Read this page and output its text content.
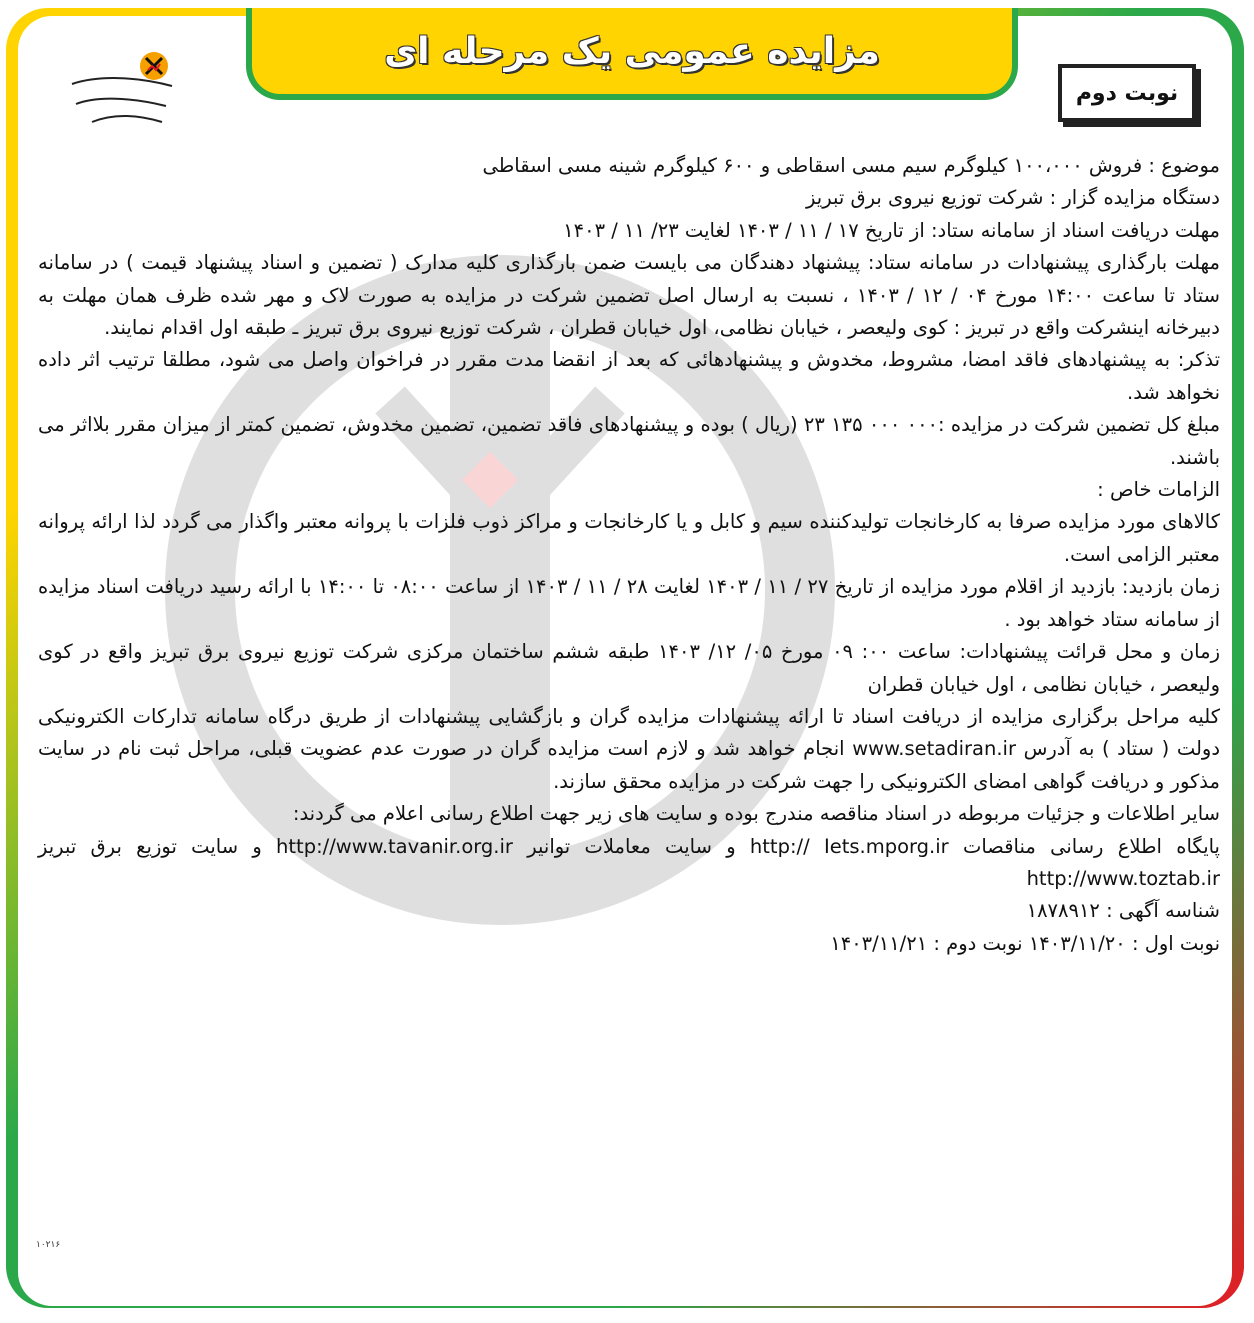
مزایده عمومی یک مرحله ای
نوبت دوم

موضوع : فروش ۱۰۰،۰۰۰ کیلوگرم سیم مسی اسقاطی و ۶۰۰ کیلوگرم شینه مسی اسقاطی

دستگاه مزایده گزار : شرکت توزیع نیروی برق تبریز

مهلت دریافت اسناد از سامانه ستاد: از تاریخ ۱۷ / ۱۱ / ۱۴۰۳ لغایت ۲۳/ ۱۱ / ۱۴۰۳

مهلت بارگذاری پیشنهادات در سامانه ستاد: پیشنهاد دهندگان می بایست ضمن بارگذاری کلیه مدارک ( تضمین و اسناد پیشنهاد قیمت ) در سامانه ستاد تا ساعت ۱۴:۰۰ مورخ ۰۴ / ۱۲ / ۱۴۰۳ ، نسبت به ارسال اصل تضمین شرکت در مزایده به صورت لاک و مهر شده ظرف همان مهلت به دبیرخانه اینشرکت واقع در تبریز : کوی ولیعصر ، خیابان نظامی، اول خیابان قطران ، شرکت توزیع نیروی برق تبریز ـ طبقه اول اقدام نمایند.

تذکر: به پیشنهادهای فاقد امضا، مشروط، مخدوش و پیشنهادهائی که بعد از انقضا مدت مقرر در فراخوان واصل می شود، مطلقا ترتیب اثر داده نخواهد شد.

مبلغ کل تضمین شرکت در مزایده :۰۰۰ ۰۰۰ ۱۳۵ ۲۳ (ریال ) بوده و پیشنهادهای فاقد تضمین، تضمین مخدوش، تضمین کمتر از میزان مقرر بلااثر می باشند.

الزامات خاص :

کالاهای مورد مزایده صرفا به کارخانجات تولیدکننده سیم و کابل و یا کارخانجات و مراکز ذوب فلزات با پروانه معتبر واگذار می گردد لذا ارائه پروانه معتبر الزامی است.

زمان بازدید: بازدید از اقلام مورد مزایده از تاریخ ۲۷ / ۱۱ / ۱۴۰۳ لغایت ۲۸ / ۱۱ / ۱۴۰۳ از ساعت ۰۸:۰۰ تا ۱۴:۰۰ با ارائه رسید دریافت اسناد مزایده از سامانه ستاد خواهد بود .

زمان و محل قرائت پیشنهادات: ساعت ۰۰: ۰۹ مورخ ۰۵/ ۱۲/ ۱۴۰۳ طبقه ششم ساختمان مرکزی شرکت توزیع نیروی برق تبریز واقع در کوی ولیعصر ، خیابان نظامی ، اول خیابان قطران

کلیه مراحل برگزاری مزایده از دریافت اسناد تا ارائه پیشنهادات مزایده گران و بازگشایی پیشنهادات از طریق درگاه سامانه تدارکات الکترونیکی دولت ( ستاد ) به آدرس www.setadiran.ir انجام خواهد شد و لازم است مزایده گران در صورت عدم عضویت قبلی، مراحل ثبت نام در سایت مذکور و دریافت گواهی امضای الکترونیکی را جهت شرکت در مزایده محقق سازند.

سایر اطلاعات و جزئیات مربوطه در اسناد مناقصه مندرج بوده و سایت های زیر جهت اطلاع رسانی اعلام می گردند:

پایگاه اطلاع رسانی مناقصات http:// Iets.mporg.ir و سایت معاملات توانیر http://www.tavanir.org.ir و سایت توزیع برق تبریز http://www.toztab.ir

شناسه آگهی : ۱۸۷۸۹۱۲

نوبت اول : ۱۴۰۳/۱۱/۲۰ نوبت دوم : ۱۴۰۳/۱۱/۲۱

۱۰۲۱۶
